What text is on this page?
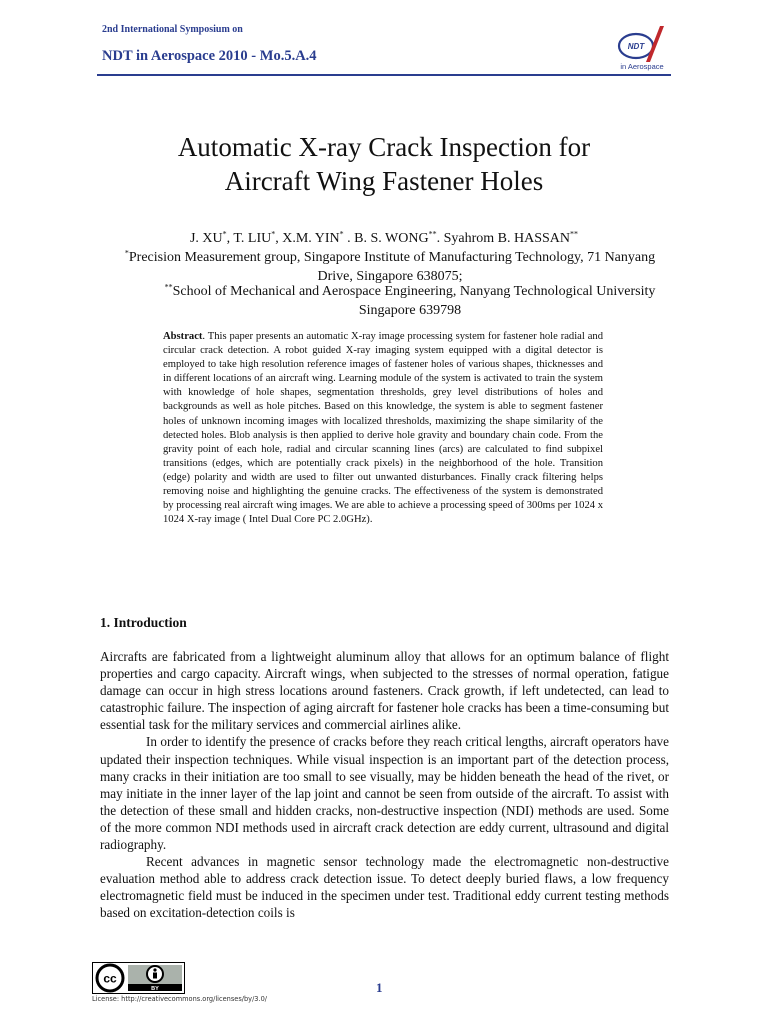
2nd International Symposium on
NDT in Aerospace 2010 - Mo.5.A.4
NDT
in Aerospace
Automatic X-ray Crack Inspection for
Aircraft Wing Fastener Holes
J. XU*, T. LIU*, X.M. YIN* . B. S. WONG**. Syahrom B. HASSAN**
*Precision Measurement group, Singapore Institute of Manufacturing Technology, 71 Nanyang Drive, Singapore 638075;
**School of Mechanical and Aerospace Engineering, Nanyang Technological University Singapore 639798
Abstract. This paper presents an automatic X-ray image processing system for fastener hole radial and circular crack detection. A robot guided X-ray imaging system equipped with a digital detector is employed to take high resolution reference images of fastener holes of various shapes, thicknesses and in different locations of an aircraft wing. Learning module of the system is activated to train the system with knowledge of hole shapes, segmentation thresholds, grey level distributions of holes and backgrounds as well as hole pitches. Based on this knowledge, the system is able to segment fastener holes of unknown incoming images with localized thresholds, maximizing the shape similarity of the detected holes. Blob analysis is then applied to derive hole gravity and boundary chain code. From the gravity point of each hole, radial and circular scanning lines (arcs) are calculated to find subpixel transitions (edges, which are potentially crack pixels) in the neighborhood of the hole. Transition (edge) polarity and width are used to filter out unwanted disturbances. Finally crack filtering helps removing noise and highlighting the genuine cracks. The effectiveness of the system is demonstrated by processing real aircraft wing images. We are able to achieve a processing speed of 300ms per 1024 x 1024 X-ray image ( Intel Dual Core PC 2.0GHz).
1. Introduction

Aircrafts are fabricated from a lightweight aluminum alloy that allows for an optimum balance of flight properties and cargo capacity. Aircraft wings, when subjected to the stresses of normal operation, fatigue damage can occur in high stress locations around fasteners. Crack growth, if left undetected, can lead to catastrophic failure. The inspection of aging aircraft for fastener hole cracks has been a time-consuming but essential task for the military services and commercial airlines alike.

In order to identify the presence of cracks before they reach critical lengths, aircraft operators have updated their inspection techniques. While visual inspection is an important part of the detection process, many cracks in their initiation are too small to see visually, may be hidden beneath the head of the rivet, or may initiate in the inner layer of the lap joint and cannot be seen from outside of the aircraft. To assist with the detection of these small and hidden cracks, non-destructive inspection (NDI) methods are used. Some of the more common NDI methods used in aircraft crack detection are eddy current, ultrasound and digital radiography.

Recent advances in magnetic sensor technology made the electromagnetic non-destructive evaluation method able to address crack detection issue. To detect deeply buried flaws, a low frequency electromagnetic field must be induced in the specimen under test. Traditional eddy current testing methods based on excitation-detection coils is

cc
BY
License: http://creativecommons.org/licenses/by/3.0/
1
